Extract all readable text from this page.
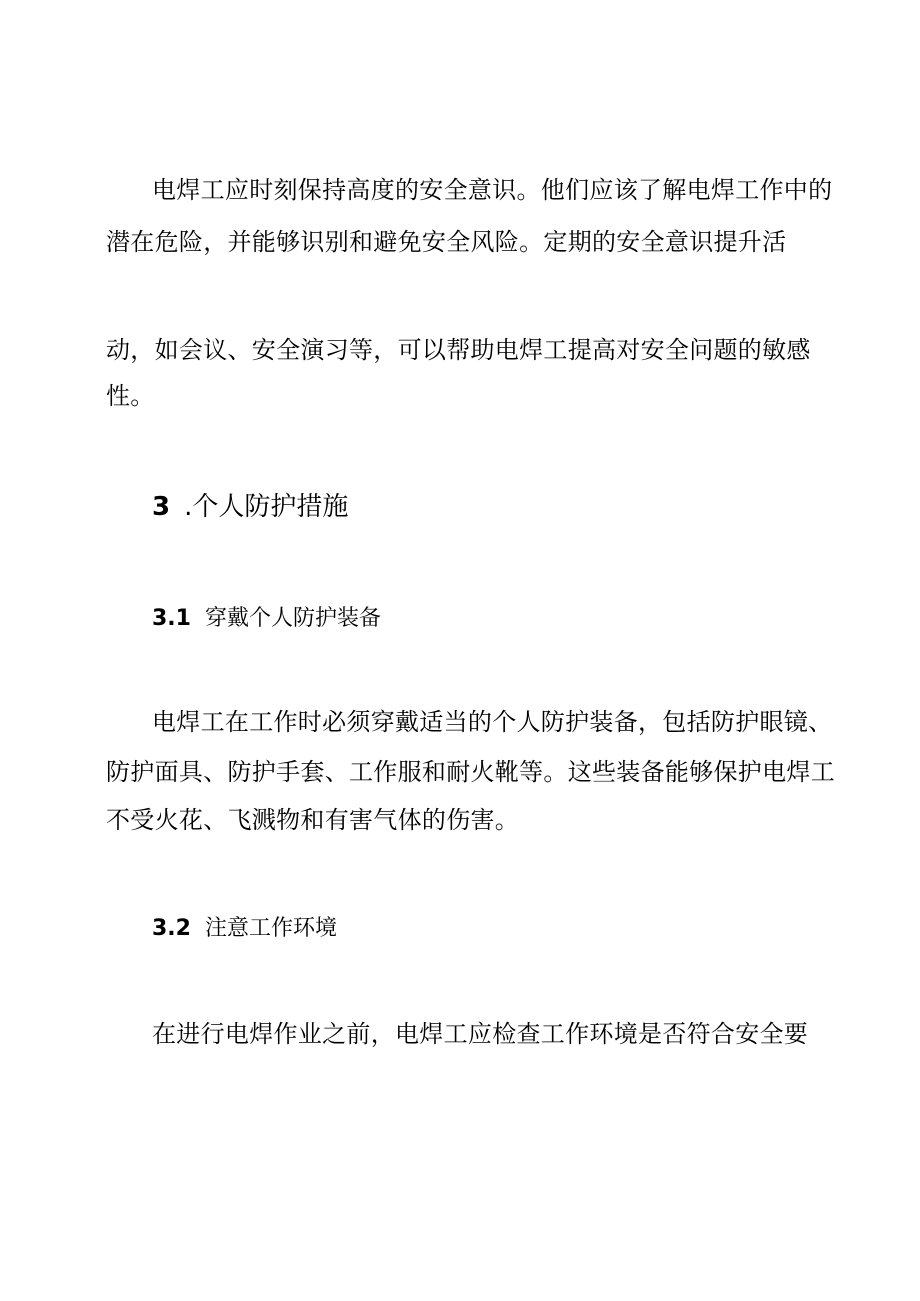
电焊工应时刻保持高度的安全意识。他们应该了解电焊工作中的
潜在危险，并能够识别和避免安全风险。定期的安全意识提升活
动，如会议、安全演习等，可以帮助电焊工提高对安全问题的敏感
性。
3 .个人防护措施
3.1 穿戴个人防护装备
电焊工在工作时必须穿戴适当的个人防护装备，包括防护眼镜、
防护面具、防护手套、工作服和耐火靴等。这些装备能够保护电焊工
不受火花、飞溅物和有害气体的伤害。
3.2 注意工作环境
在进行电焊作业之前，电焊工应检查工作环境是否符合安全要
